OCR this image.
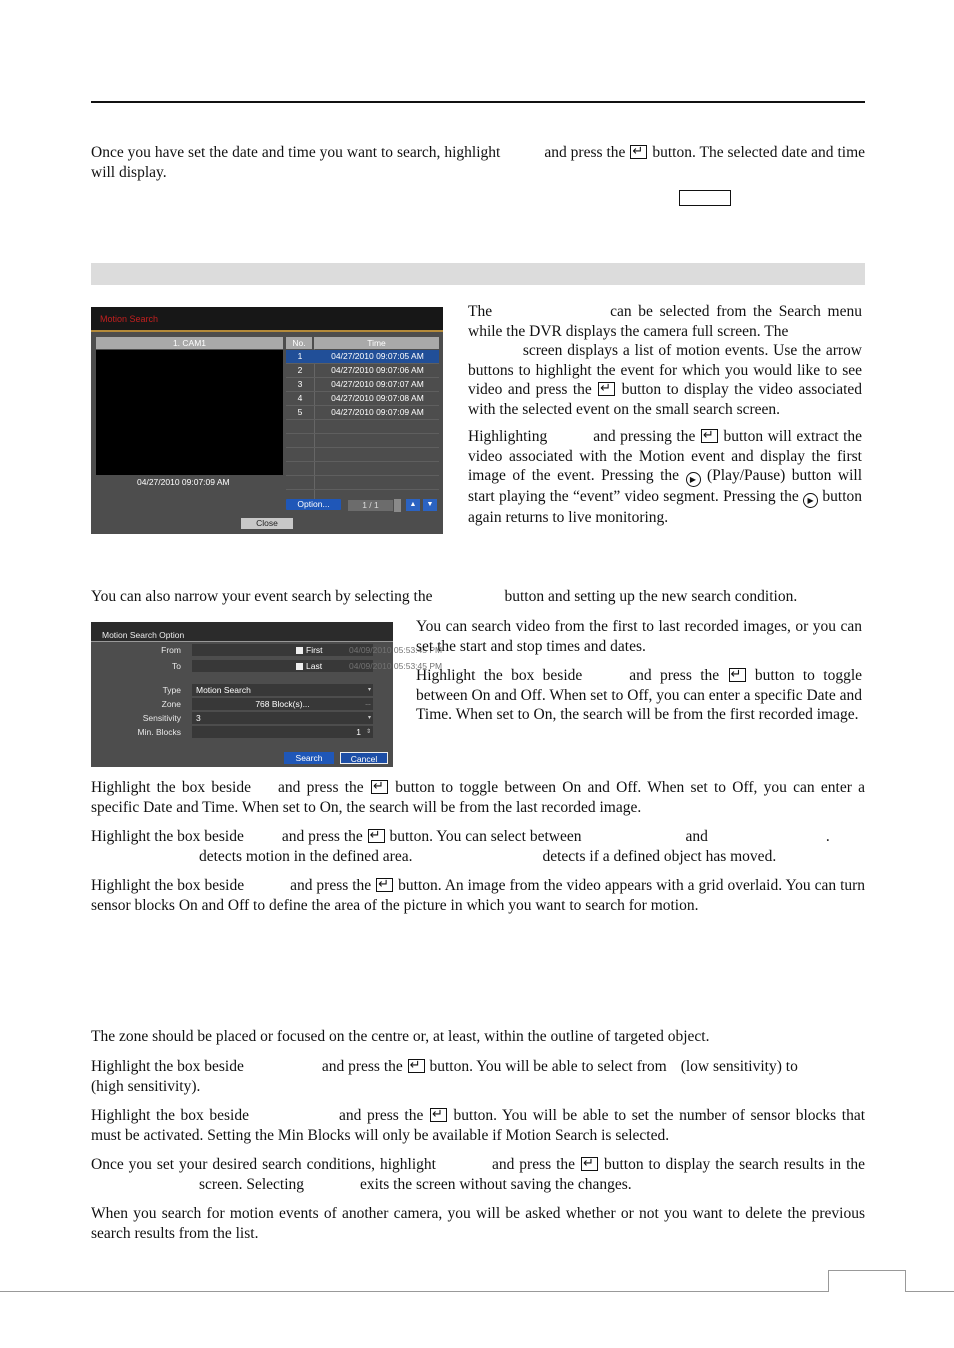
Once you have set the date and time you want to search, highlight	and press the ↵ button. The selected date and time will display.

Motion Search
1. CAM1
04/27/2010 09:07:09 AM
No.	Time
1	04/27/2010 09:07:05 AM
2	04/27/2010 09:07:06 AM
3	04/27/2010 09:07:07 AM
4	04/27/2010 09:07:08 AM
5	04/27/2010 09:07:09 AM
Option...	1 / 1	▲	▼
Close

The	can be selected from the Search menu while the DVR displays the camera full screen. The
screen displays a list of motion events. Use the arrow buttons to highlight the event for which you would like to see video and press the ↵ button to display the video associated with the selected event on the small search screen.

Highlighting	and pressing the ↵ button will extract the video associated with the Motion event and display the first image of the event. Pressing the ▶ (Play/Pause) button will start playing the “event” video segment. Pressing the ▶ button again returns to live monitoring.

You can also narrow your event search by selecting the	button and setting up the new search condition.

Motion Search Option
From	First	04/09/2010 05:53:45 PM
To	Last	04/09/2010 05:53:45 PM
Type	Motion Search	▾
Zone	768 Block(s)...	…
Sensitivity	3	▾
Min. Blocks	1 ⇕
Search	Cancel

You can search video from the first to last recorded images, or you can set the start and stop times and dates.

Highlight the box beside	and press the ↵ button to toggle between On and Off. When set to Off, you can enter a specific Date and Time. When set to On, the search will be from the first recorded image.

Highlight the box beside and press the ↵ button to toggle between On and Off. When set to Off, you can enter a specific Date and Time. When set to On, the search will be from the last recorded image.

Highlight the box beside and press the ↵ button. You can select between	and	.
detects motion in the defined area.	detects if a defined object has moved.

Highlight the box beside	and press the ↵ button. An image from the video appears with a grid overlaid. You can turn sensor blocks On and Off to define the area of the picture in which you want to search for motion.

The zone should be placed or focused on the centre or, at least, within the outline of targeted object.

Highlight the box beside	and press the ↵ button. You will be able to select from (low sensitivity) to
(high sensitivity).

Highlight the box beside	and press the ↵ button. You will be able to set the number of sensor blocks that must be activated. Setting the Min Blocks will only be available if Motion Search is selected.

Once you set your desired search conditions, highlight	and press the ↵ button to display the search results in thescreen. Selecting	exits the screen without saving the changes.

When you search for motion events of another camera, you will be asked whether or not you want to delete the previous search results from the list.
